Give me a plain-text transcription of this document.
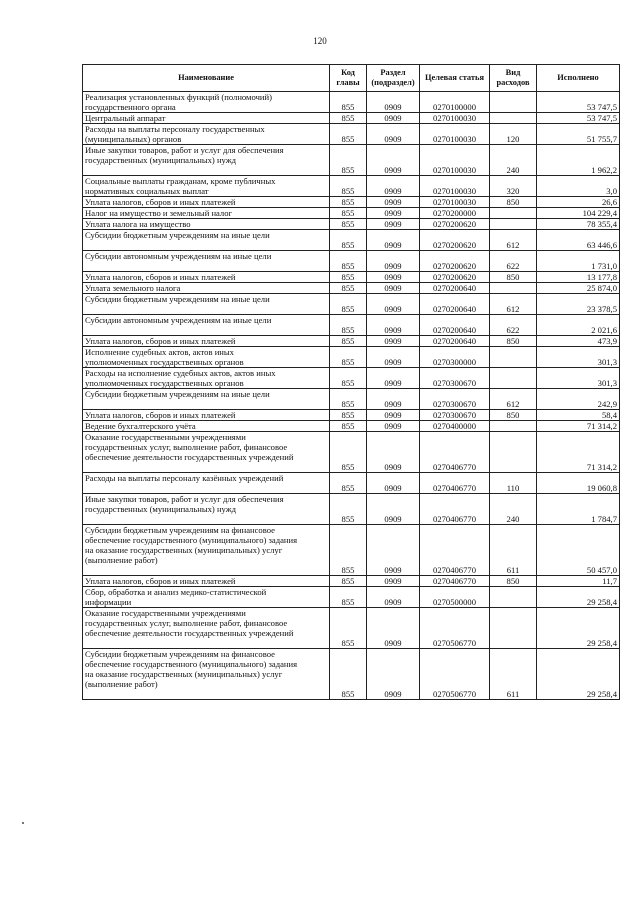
120
Наименование	Код главы	Раздел (подраздел)	Целевая статья	Вид расходов	Исполнено
Реализация установленных функций (полномочий)
государственного органа	855	0909	0270100000		53 747,5
Центральный аппарат	855	0909	0270100030		53 747,5
Расходы на выплаты персоналу государственных
(муниципальных) органов	855	0909	0270100030	120	51 755,7
Иные закупки товаров, работ и услуг для обеспечения
государственных (муниципальных) нужд	855	0909	0270100030	240	1 962,2
Социальные выплаты гражданам, кроме публичных
нормативных социальных выплат	855	0909	0270100030	320	3,0
Уплата налогов, сборов и иных платежей	855	0909	0270100030	850	26,6
Налог на имущество и земельный налог	855	0909	0270200000		104 229,4
Уплата налога на имущество	855	0909	0270200620		78 355,4
Субсидии бюджетным учреждениям на иные цели	855	0909	0270200620	612	63 446,6
Субсидии автономным учреждениям на иные цели	855	0909	0270200620	622	1 731,0
Уплата налогов, сборов и иных платежей	855	0909	0270200620	850	13 177,8
Уплата земельного налога	855	0909	0270200640		25 874,0
Субсидии бюджетным учреждениям на иные цели	855	0909	0270200640	612	23 378,5
Субсидии автономным учреждениям на иные цели	855	0909	0270200640	622	2 021,6
Уплата налогов, сборов и иных платежей	855	0909	0270200640	850	473,9
Исполнение судебных актов, актов иных
уполномоченных государственных органов	855	0909	0270300000		301,3
Расходы на исполнение судебных актов, актов иных
уполномоченных государственных органов	855	0909	0270300670		301,3
Субсидии бюджетным учреждениям на иные цели	855	0909	0270300670	612	242,9
Уплата налогов, сборов и иных платежей	855	0909	0270300670	850	58,4
Ведение бухгалтерского учёта	855	0909	0270400000		71 314,2
Оказание государственными учреждениями
государственных услуг, выполнение работ, финансовое
обеспечение деятельности государственных учреждений	855	0909	0270406770		71 314,2
Расходы на выплаты персоналу казённых учреждений	855	0909	0270406770	110	19 060,8
Иные закупки товаров, работ и услуг для обеспечения
государственных (муниципальных) нужд	855	0909	0270406770	240	1 784,7
Субсидии бюджетным учреждениям на финансовое
обеспечение государственного (муниципального) задания
на оказание государственных (муниципальных) услуг
(выполнение работ)	855	0909	0270406770	611	50 457,0
Уплата налогов, сборов и иных платежей	855	0909	0270406770	850	11,7
Сбор, обработка и анализ медико-статистической
информации	855	0909	0270500000		29 258,4
Оказание государственными учреждениями
государственных услуг, выполнение работ, финансовое
обеспечение деятельности государственных учреждений	855	0909	0270506770		29 258,4
Субсидии бюджетным учреждениям на финансовое
обеспечение государственного (муниципального) задания
на оказание государственных (муниципальных) услуг
(выполнение работ)	855	0909	0270506770	611	29 258,4
